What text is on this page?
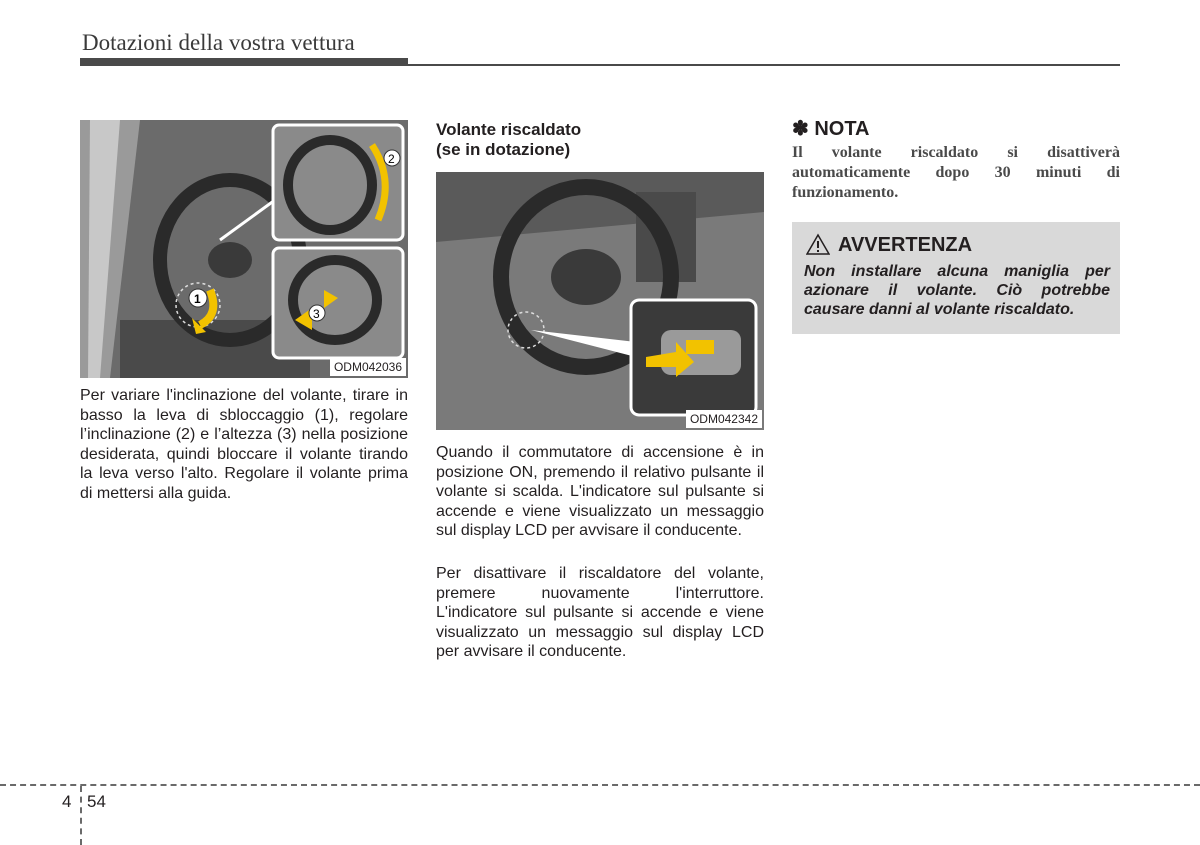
Dotazioni della vostra vettura
1
2
3
ODM042036

Per variare l'inclinazione del volante, tirare in basso la leva di sbloccaggio (1), regolare l’inclinazione (2) e l’altezza (3) nella posizione desiderata, quindi bloccare il volante tirando la leva verso l'alto. Regolare il volante prima di mettersi alla guida.

Volante riscaldato
(se in dotazione)
ODM042342

Quando il commutatore di accensione è in posizione ON, premendo il relativo pulsante il volante si scalda. L'indicatore sul pulsante si accende e viene visualizzato un messaggio sul display LCD per avvisare il conducente.

Per disattivare il riscaldatore del volante, premere nuovamente l'interruttore. L'indicatore sul pulsante si accende e viene visualizzato un messaggio sul display LCD per avvisare il conducente.

✽ NOTA

Il volante riscaldato si disattiverà automaticamente dopo 30 minuti di funzionamento.

AVVERTENZA

Non installare alcuna maniglia per azionare il volante. Ciò potrebbe causare danni al volante riscaldato.

4 54
